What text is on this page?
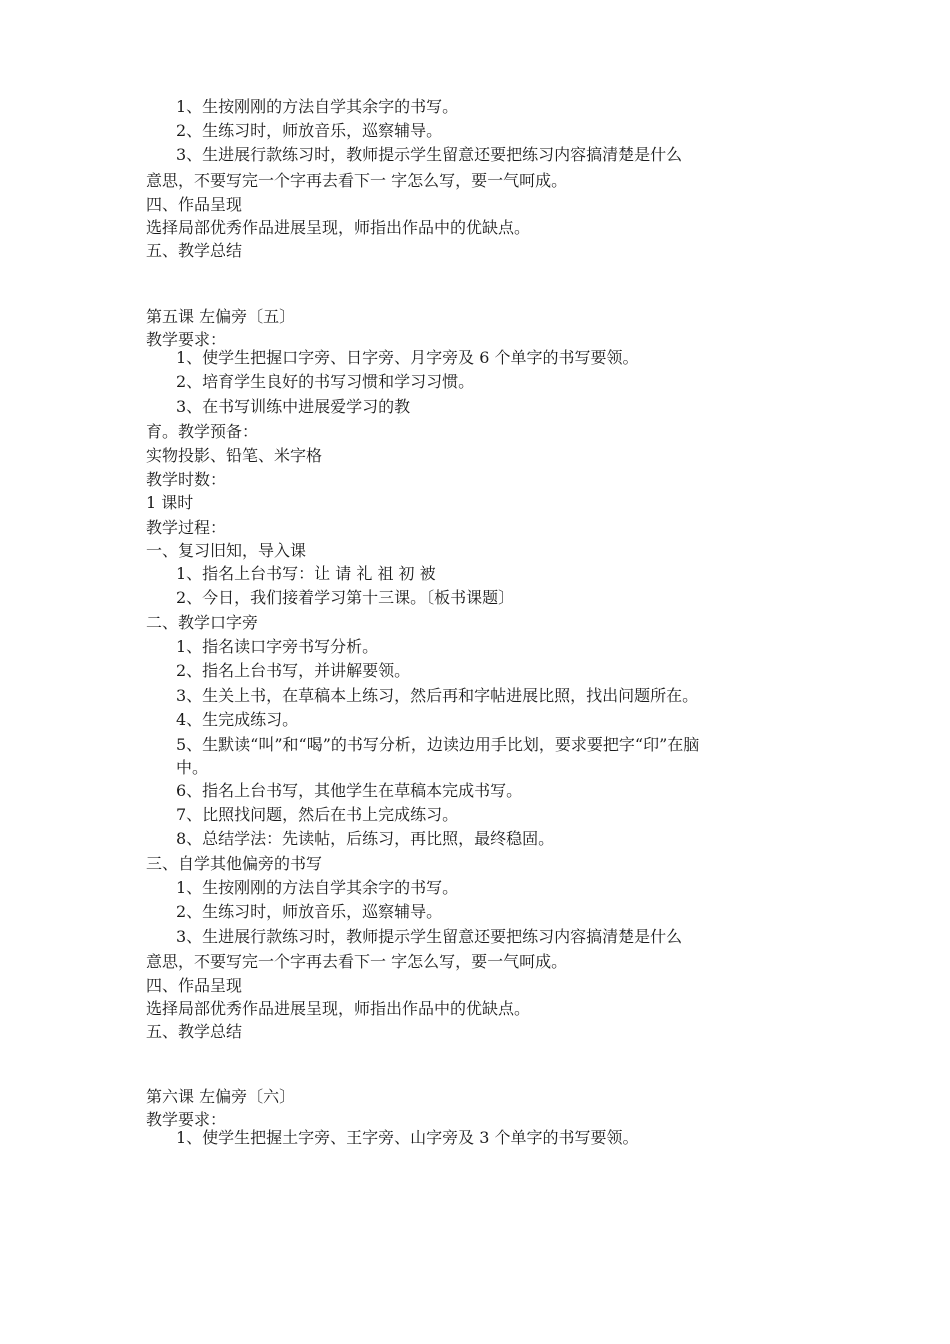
1、生按刚刚的方法自学其余字的书写。
2、生练习时，师放音乐，巡察辅导。
3、生进展行款练习时，教师提示学生留意还要把练习内容搞清楚是什么
意思，不要写完一个字再去看下一 字怎么写，要一气呵成。
四、作品呈现
选择局部优秀作品进展呈现，师指出作品中的优缺点。
五、教学总结
第五课 左偏旁〔五〕
教学要求：
1、使学生把握口字旁、日字旁、月字旁及 6 个单字的书写要领。
2、培育学生良好的书写习惯和学习习惯。
3、在书写训练中进展爱学习的教
育。教学预备：
实物投影、铅笔、米字格
教学时数：
1 课时
教学过程：
一、复习旧知，导入课
1、指名上台书写：让 请 礼 祖 初 被
2、今日，我们接着学习第十三课。〔板书课题〕
二、教学口字旁
1、指名读口字旁书写分析。
2、指名上台书写，并讲解要领。
3、生关上书，在草稿本上练习，然后再和字帖进展比照，找出问题所在。
4、生完成练习。
5、生默读“叫”和“喝”的书写分析，边读边用手比划，要求要把字“印”在脑
中。
6、指名上台书写，其他学生在草稿本完成书写。
7、比照找问题，然后在书上完成练习。
8、总结学法：先读帖，后练习，再比照，最终稳固。
三、自学其他偏旁的书写
1、生按刚刚的方法自学其余字的书写。
2、生练习时，师放音乐，巡察辅导。
3、生进展行款练习时，教师提示学生留意还要把练习内容搞清楚是什么
意思，不要写完一个字再去看下一 字怎么写，要一气呵成。
四、作品呈现
选择局部优秀作品进展呈现，师指出作品中的优缺点。
五、教学总结
第六课 左偏旁〔六〕
教学要求：
1、使学生把握土字旁、王字旁、山字旁及 3 个单字的书写要领。
